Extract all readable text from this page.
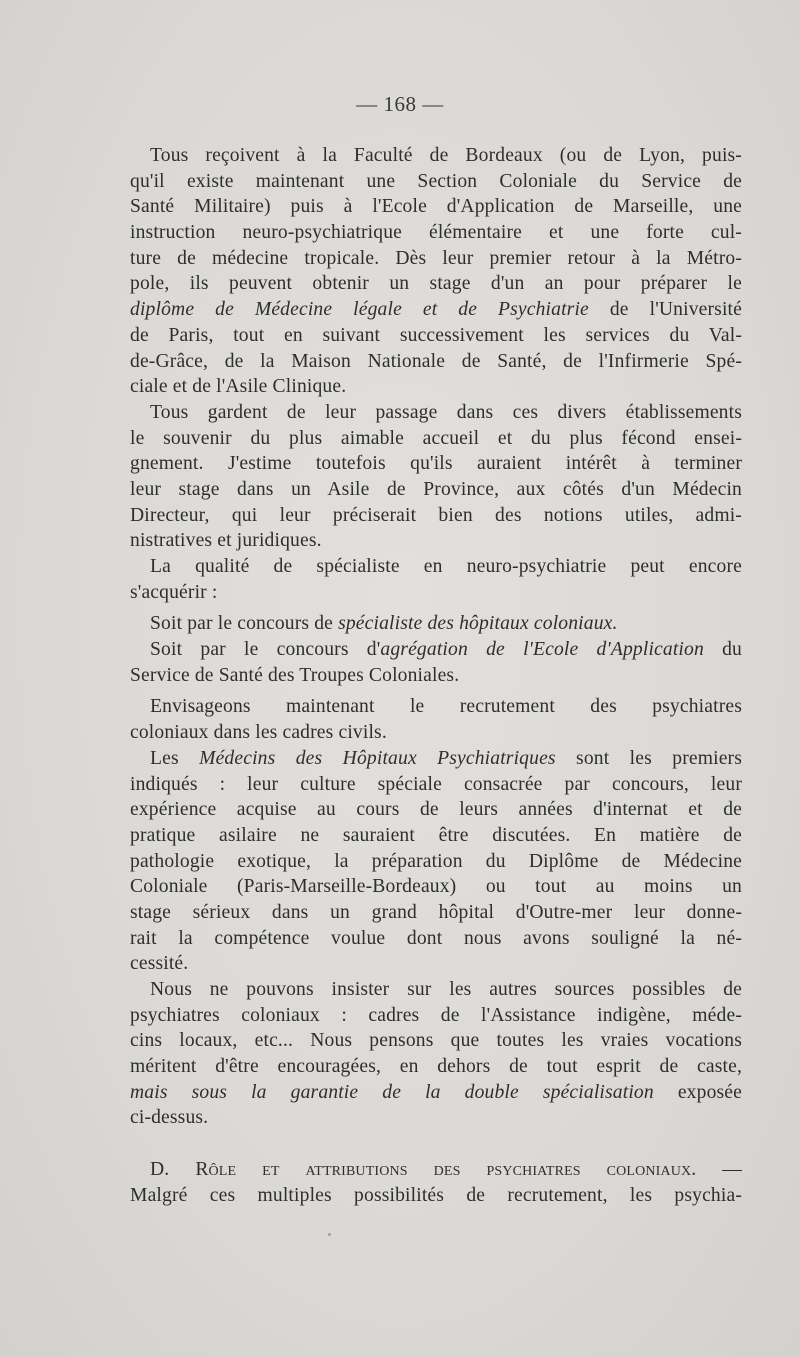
— 168 —
Tous reçoivent à la Faculté de Bordeaux (ou de Lyon, puis-
qu'il existe maintenant une Section Coloniale du Service de
Santé Militaire) puis à l'Ecole d'Application de Marseille, une
instruction neuro-psychiatrique élémentaire et une forte cul-
ture de médecine tropicale. Dès leur premier retour à la Métro-
pole, ils peuvent obtenir un stage d'un an pour préparer le
diplôme de Médecine légale et de Psychiatrie de l'Université
de Paris, tout en suivant successivement les services du Val-
de-Grâce, de la Maison Nationale de Santé, de l'Infirmerie Spé-
ciale et de l'Asile Clinique.
Tous gardent de leur passage dans ces divers établissements
le souvenir du plus aimable accueil et du plus fécond ensei-
gnement. J'estime toutefois qu'ils auraient intérêt à terminer
leur stage dans un Asile de Province, aux côtés d'un Médecin
Directeur, qui leur préciserait bien des notions utiles, admi-
nistratives et juridiques.
La qualité de spécialiste en neuro-psychiatrie peut encore
s'acquérir :
Soit par le concours de spécialiste des hôpitaux coloniaux.
Soit par le concours d'agrégation de l'Ecole d'Application du
Service de Santé des Troupes Coloniales.
Envisageons maintenant le recrutement des psychiatres
coloniaux dans les cadres civils.
Les Médecins des Hôpitaux Psychiatriques sont les premiers
indiqués : leur culture spéciale consacrée par concours, leur
expérience acquise au cours de leurs années d'internat et de
pratique asilaire ne sauraient être discutées. En matière de
pathologie exotique, la préparation du Diplôme de Médecine
Coloniale (Paris-Marseille-Bordeaux) ou tout au moins un
stage sérieux dans un grand hôpital d'Outre-mer leur donne-
rait la compétence voulue dont nous avons souligné la né-
cessité.
Nous ne pouvons insister sur les autres sources possibles de
psychiatres coloniaux : cadres de l'Assistance indigène, méde-
cins locaux, etc... Nous pensons que toutes les vraies vocations
méritent d'être encouragées, en dehors de tout esprit de caste,
mais sous la garantie de la double spécialisation exposée
ci-dessus.
D. Rôle et attributions des psychiatres coloniaux. —
Malgré ces multiples possibilités de recrutement, les psychia-
